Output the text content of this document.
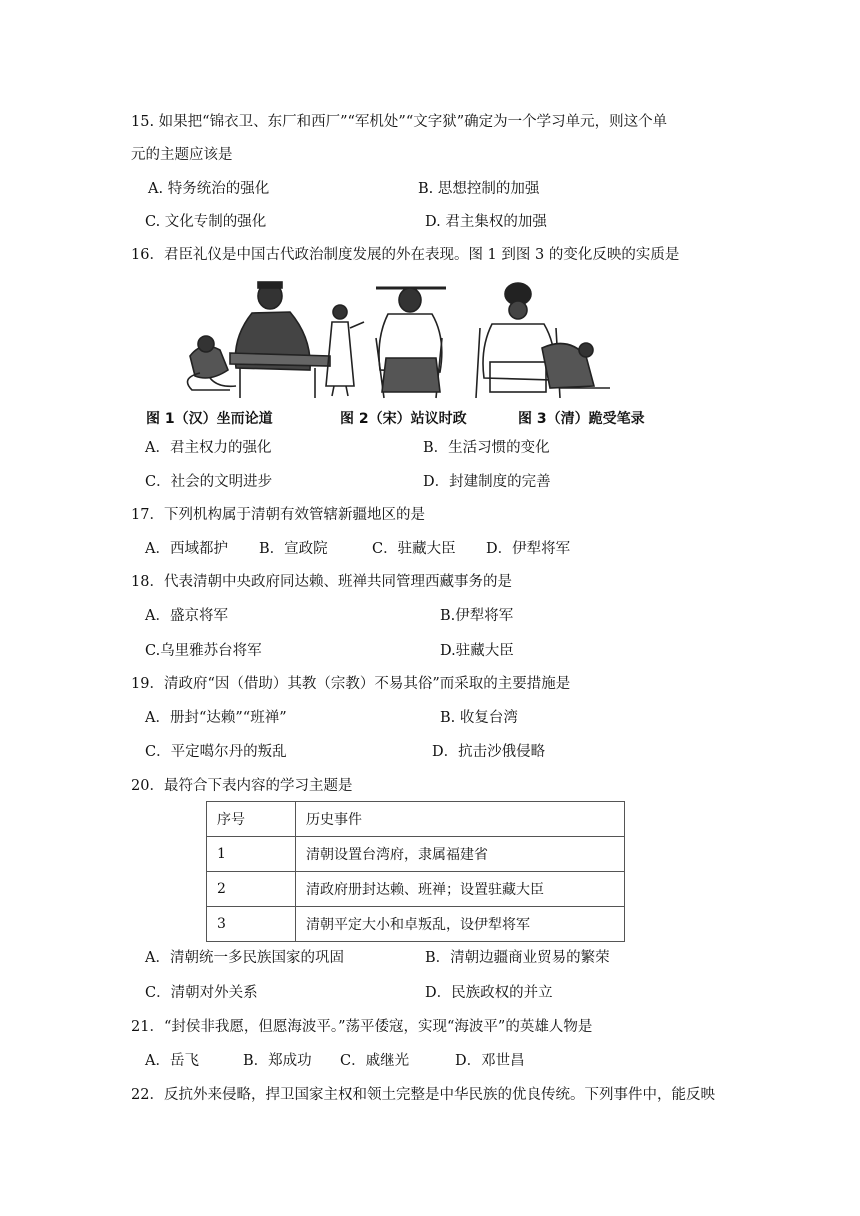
15. 如果把“锦衣卫、东厂和西厂”“军机处”“文字狱”确定为一个学习单元，则这个单
元的主题应该是
A. 特务统治的强化	B. 思想控制的加强
C. 文化专制的强化	D. 君主集权的加强
16．君臣礼仪是中国古代政治制度发展的外在表现。图 1 到图 3 的变化反映的实质是
图 1（汉）坐而论道	图 2（宋）站议时政	图 3（清）跪受笔录
A．君主权力的强化	B．生活习惯的变化
C．社会的文明进步	D．封建制度的完善
17．下列机构属于清朝有效管辖新疆地区的是
A．西域都护 B．宣政院	C．驻藏大臣 D．伊犁将军
18．代表清朝中央政府同达赖、班禅共同管理西藏事务的是
A．盛京将军	B.伊犁将军
C.乌里雅苏台将军	D.驻藏大臣
19．清政府“因（借助）其教（宗教）不易其俗”而采取的主要措施是
A．册封“达赖”“班禅”	B. 收复台湾
C．平定噶尔丹的叛乱	D．抗击沙俄侵略
20．最符合下表内容的学习主题是
序号	历史事件
1	清朝设置台湾府，隶属福建省
2	清政府册封达赖、班禅；设置驻藏大臣
3	清朝平定大小和卓叛乱，设伊犁将军
A．清朝统一多民族国家的巩固	B．清朝边疆商业贸易的繁荣
C．清朝对外关系	D．民族政权的并立
21．“封侯非我愿，但愿海波平。”荡平倭寇，实现“海波平”的英雄人物是
A．岳飞	B．郑成功 C．戚继光	D．邓世昌
22．反抗外来侵略，捍卫国家主权和领土完整是中华民族的优良传统。下列事件中，能反映
